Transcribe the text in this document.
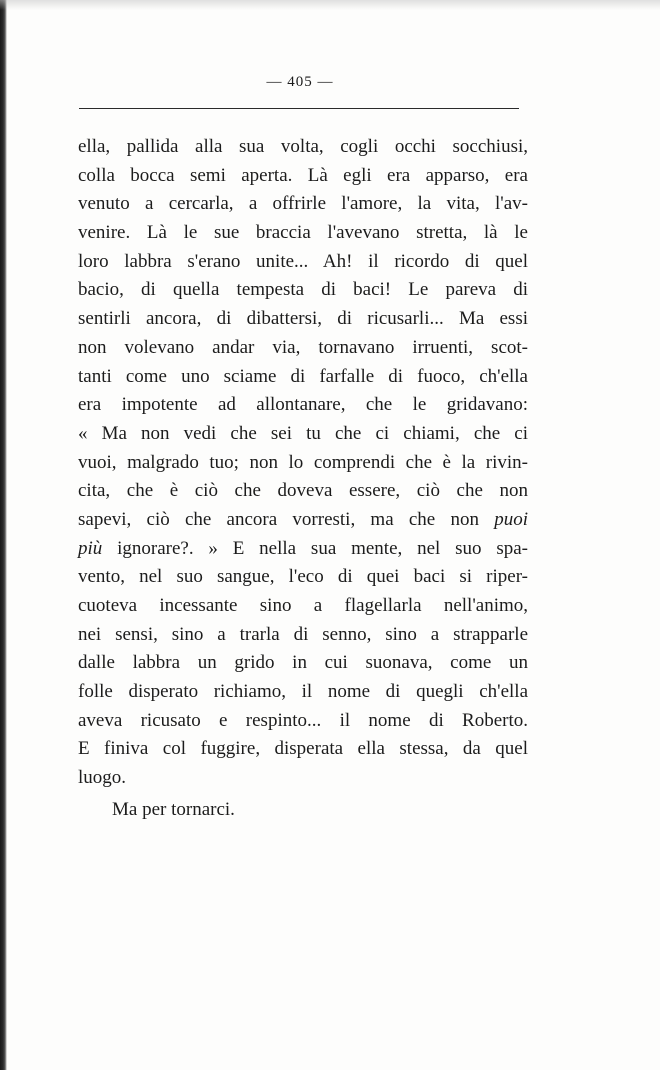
— 405 —
ella, pallida alla sua volta, cogli occhi socchiusi,
colla bocca semi aperta. Là egli era apparso, era
venuto a cercarla, a offrirle l'amore, la vita, l'av-
venire. Là le sue braccia l'avevano stretta, là le
loro labbra s'erano unite... Ah! il ricordo di quel
bacio, di quella tempesta di baci! Le pareva di
sentirli ancora, di dibattersi, di ricusarli... Ma essi
non volevano andar via, tornavano irruenti, scot-
tanti come uno sciame di farfalle di fuoco, ch'ella
era impotente ad allontanare, che le gridavano:
« Ma non vedi che sei tu che ci chiami, che ci
vuoi, malgrado tuo; non lo comprendi che è la rivin-
cita, che è ciò che doveva essere, ciò che non
sapevi, ciò che ancora vorresti, ma che non puoi
più ignorare?. » E nella sua mente, nel suo spa-
vento, nel suo sangue, l'eco di quei baci si riper-
cuoteva incessante sino a flagellarla nell'animo,
nei sensi, sino a trarla di senno, sino a strapparle
dalle labbra un grido in cui suonava, come un
folle disperato richiamo, il nome di quegli ch'ella
aveva ricusato e respinto... il nome di Roberto.
E finiva col fuggire, disperata ella stessa, da quel
luogo.
Ma per tornarci.
